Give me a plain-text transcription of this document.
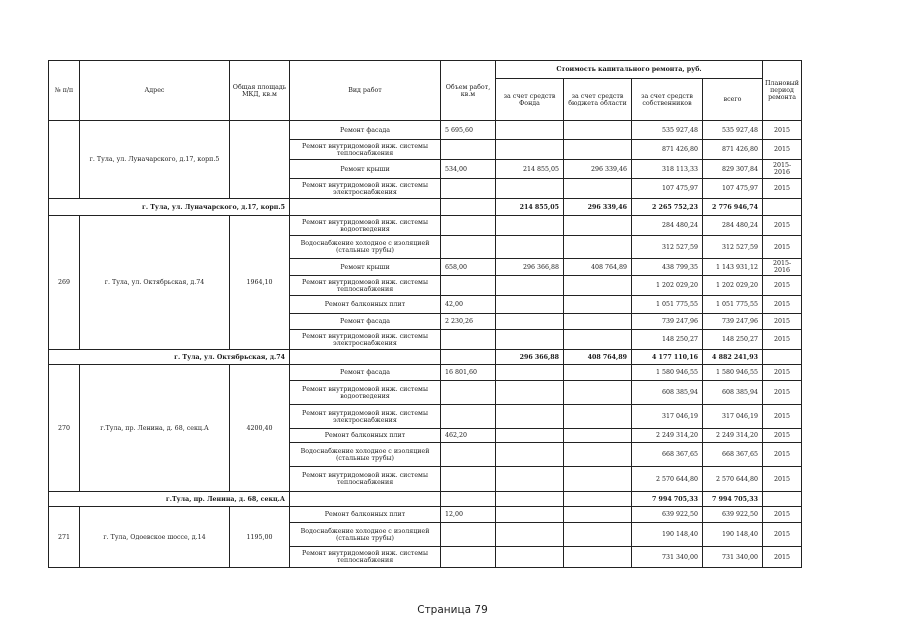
№ п/п	Адрес	Общая площадь МКД, кв.м	Вид работ	Объем работ, кв.м	Стоимость капитального ремонта, руб.				Плановый период ремонта
					за счет средств Фонда	за счет средств бюджета области	за счет средств собственников	всего	
	г. Тула, ул. Луначарского, д.17, корп.5		Ремонт фасада	5 695,60			535 927,48	535 927,48	2015
			Ремонт внутридомовой инж. системы теплоснабжения				871 426,80	871 426,80	2015
			Ремонт крыши	534,00	214 855,05	296 339,46	318 113,33	829 307,84	2015-2016
			Ремонт внутридомовой инж. системы электроснабжения				107 475,97	107 475,97	2015
г. Тула, ул. Луначарского, д.17, корп.5					214 855,05	296 339,46	2 265 752,23	2 776 946,74	
269	г. Тула, ул. Октябрьская, д.74	1964,10	Ремонт внутридомовой инж. системы водоотведения				284 480,24	284 480,24	2015
			Водоснабжение холодное с изоляцией (стальные трубы)				312 527,59	312 527,59	2015
			Ремонт крыши	658,00	296 366,88	408 764,89	438 799,35	1 143 931,12	2015-2016
			Ремонт внутридомовой инж. системы теплоснабжения				1 202 029,20	1 202 029,20	2015
			Ремонт балконных плит	42,00			1 051 775,55	1 051 775,55	2015
			Ремонт фасада	2 230,26			739 247,96	739 247,96	2015
			Ремонт внутридомовой инж. системы электроснабжения				148 250,27	148 250,27	2015
г. Тула, ул. Октябрьская, д.74					296 366,88	408 764,89	4 177 110,16	4 882 241,93	
270	г.Тула, пр. Ленина, д. 68, секц.А	4200,40	Ремонт фасада	16 801,60			1 580 946,55	1 580 946,55	2015
			Ремонт внутридомовой инж. системы водоотведения				608 385,94	608 385,94	2015
			Ремонт внутридомовой инж. системы электроснабжения				317 046,19	317 046,19	2015
			Ремонт балконных плит	462,20			2 249 314,20	2 249 314,20	2015
			Водоснабжение холодное с изоляцией (стальные трубы)				668 367,65	668 367,65	2015
			Ремонт внутридомовой инж. системы теплоснабжения				2 570 644,80	2 570 644,80	2015
г.Тула, пр. Ленина, д. 68, секц.А							7 994 705,33	7 994 705,33	
271	г. Тула, Одоевское шоссе, д.14	1195,00	Ремонт балконных плит	12,00			639 922,50	639 922,50	2015
			Водоснабжение холодное с изоляцией (стальные трубы)				190 148,40	190 148,40	2015
			Ремонт внутридомовой инж. системы теплоснабжения				731 340,00	731 340,00	2015
Страница 79
